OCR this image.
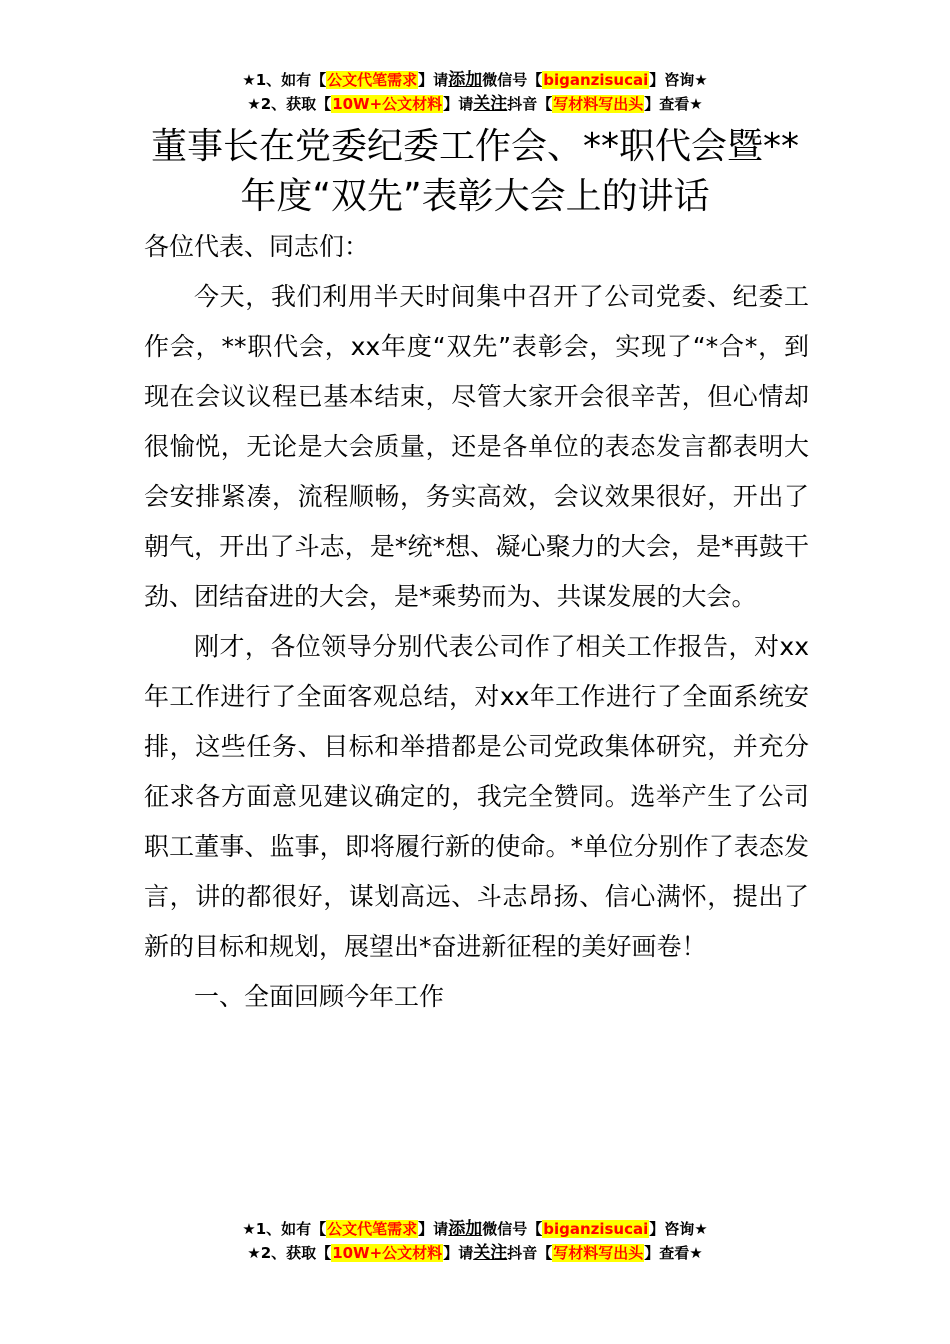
★1、如有【公文代笔需求】请添加微信号【biganzisucai】咨询★
★2、获取【10W+公文材料】请关注抖音【写材料写出头】查看★
董事长在党委纪委工作会、**职代会暨**
年度“双先”表彰大会上的讲话

各位代表、同志们：

今天，我们利用半天时间集中召开了公司党委、纪委工作会，**职代会，xx年度“双先”表彰会，实现了“*合*，到现在会议议程已基本结束，尽管大家开会很辛苦，但心情却很愉悦，无论是大会质量，还是各单位的表态发言都表明大会安排紧凑，流程顺畅，务实高效，会议效果很好，开出了朝气，开出了斗志，是*统*想、凝心聚力的大会，是*再鼓干劲、团结奋进的大会，是*乘势而为、共谋发展的大会。

刚才，各位领导分别代表公司作了相关工作报告，对xx年工作进行了全面客观总结，对xx年工作进行了全面系统安排，这些任务、目标和举措都是公司党政集体研究，并充分征求各方面意见建议确定的，我完全赞同。选举产生了公司职工董事、监事，即将履行新的使命。*单位分别作了表态发言，讲的都很好，谋划高远、斗志昂扬、信心满怀，提出了新的目标和规划，展望出*奋进新征程的美好画卷！

一、全面回顾今年工作

★1、如有【公文代笔需求】请添加微信号【biganzisucai】咨询★
★2、获取【10W+公文材料】请关注抖音【写材料写出头】查看★
